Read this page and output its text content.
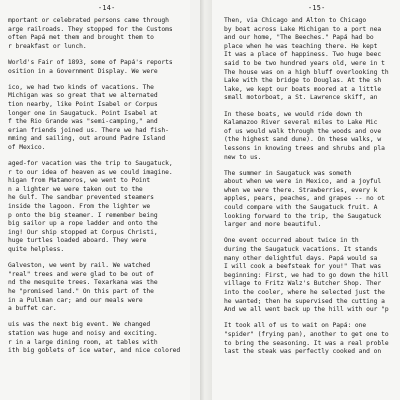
-14-
mportant or celebrated persons came through
arge railroads. They stopped for the Customs
often Papá met them and brought them to
r breakfast or lunch.
World's Fair of 1893, some of Papá's reports
osition in a Government Display. We were
ico, we had two kinds of vacations. The
Michigan was so great that we alternated
tion nearby, like Point Isabel or Corpus
longer one in Saugatuck. Point Isabel at
f the Rio Grande was "semi-camping," and
erian friends joined us. There we had fish-
mming and sailing, out around Padre Island
of Mexico.
aged-for vacation was the trip to Saugatuck,
r to our idea of heaven as we could imagine.
higan from Matamoros, we went to Point
n a lighter we were taken out to the
he Gulf. The sandbar prevented steamers
inside the lagoon. From the lighter we
p onto the big steamer. I remember being
big sailor up a rope ladder and onto the
ing! Our ship stopped at Corpus Christi,
huge turtles loaded aboard. They were
quite helpless.
Galveston, we went by rail. We watched
"real" trees and were glad to be out of
nd the mesquite trees. Texarkana was the
he "promised land." On this part of the
in a Pullman car; and our meals were
a buffet car.
uis was the next big event. We changed
station was huge and noisy and exciting.
r in a large dining room, at tables with
ith big goblets of ice water, and nice colored
-15-
Then, via Chicago and Alton to Chicago
by boat across Lake Michigan to a port nea
and our home, "The Beeches." Papá had bo
place when he was teaching there. He kept
It was a place of happiness. Two huge beec
said to be two hundred years old, were in t
The house was on a high bluff overlooking th
Lake with the bridge to Douglas. At the sh
lake, we kept our boats moored at a little
small motorboat, a St. Lawrence skiff, an
In these boats, we would ride down th
Kalamazoo River several miles to Lake Mic
of us would walk through the woods and ove
(the highest sand dune). On these walks, w
lessons in knowing trees and shrubs and pla
new to us.
The summer in Saugatuck was someth
about when we were in Mexico, and a joyful
when we were there. Strawberries, every k
apples, pears, peaches, and grapes -- no ot
could compare with the Saugatuck fruit. A
looking forward to the trip, the Saugatuck
larger and more beautiful.
One event occurred about twice in th
during the Saugatuck vacations. It stands
many other delightful days. Papá would sa
I will cook a beefsteak for you!" That was
beginning: First, we had to go down the hill
village to Fritz Walz's Butcher Shop. Ther
into the cooler, where he selected just the
he wanted; then he supervised the cutting a
And we all went back up the hill with our "p
It took all of us to wait on Papá: one
"spider" (frying pan), another to get one to
to bring the seasoning. It was a real proble
last the steak was perfectly cooked and on
